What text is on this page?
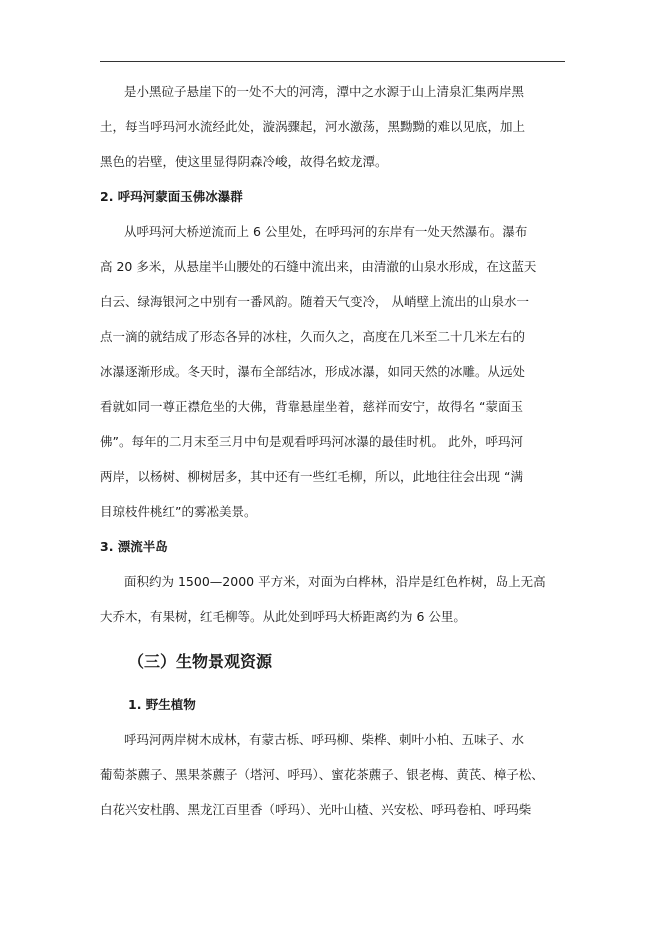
是小黑砬子悬崖下的一处不大的河湾，潭中之水源于山上清泉汇集两岸黑

土，每当呼玛河水流经此处，漩涡骤起，河水激荡，黑黝黝的难以见底，加上

黑色的岩壁，使这里显得阴森冷峻，故得名蛟龙潭。

2. 呼玛河蒙面玉佛冰瀑群

从呼玛河大桥逆流而上 6 公里处，在呼玛河的东岸有一处天然瀑布。瀑布

高 20 多米，从悬崖半山腰处的石缝中流出来，由清澈的山泉水形成，在这蓝天

白云、绿海银河之中别有一番风韵。随着天气变冷， 从峭壁上流出的山泉水一

点一滴的就结成了形态各异的冰柱，久而久之，高度在几米至二十几米左右的

冰瀑逐渐形成。冬天时，瀑布全部结冰，形成冰瀑，如同天然的冰雕。从远处

看就如同一尊正襟危坐的大佛，背靠悬崖坐着，慈祥而安宁，故得名 “蒙面玉

佛”。每年的二月末至三月中旬是观看呼玛河冰瀑的最佳时机。 此外，呼玛河

两岸，以杨树、柳树居多，其中还有一些红毛柳，所以，此地往往会出现 “满

目琼枝件桃红”的雾凇美景。

3. 漂流半岛

面积约为 1500—2000 平方米，对面为白桦林，沿岸是红色柞树，岛上无高

大乔木，有果树，红毛柳等。从此处到呼玛大桥距离约为 6 公里。

（三）生物景观资源
1. 野生植物

呼玛河两岸树木成林，有蒙古栎、呼玛柳、柴桦、刺叶小柏、五味子、水

葡萄茶藨子、黑果茶藨子（塔河、呼玛）、蜜花茶藨子、银老梅、黄芪、樟子松、

白花兴安杜鹃、黑龙江百里香（呼玛）、光叶山楂、兴安松、呼玛卷柏、呼玛柴
